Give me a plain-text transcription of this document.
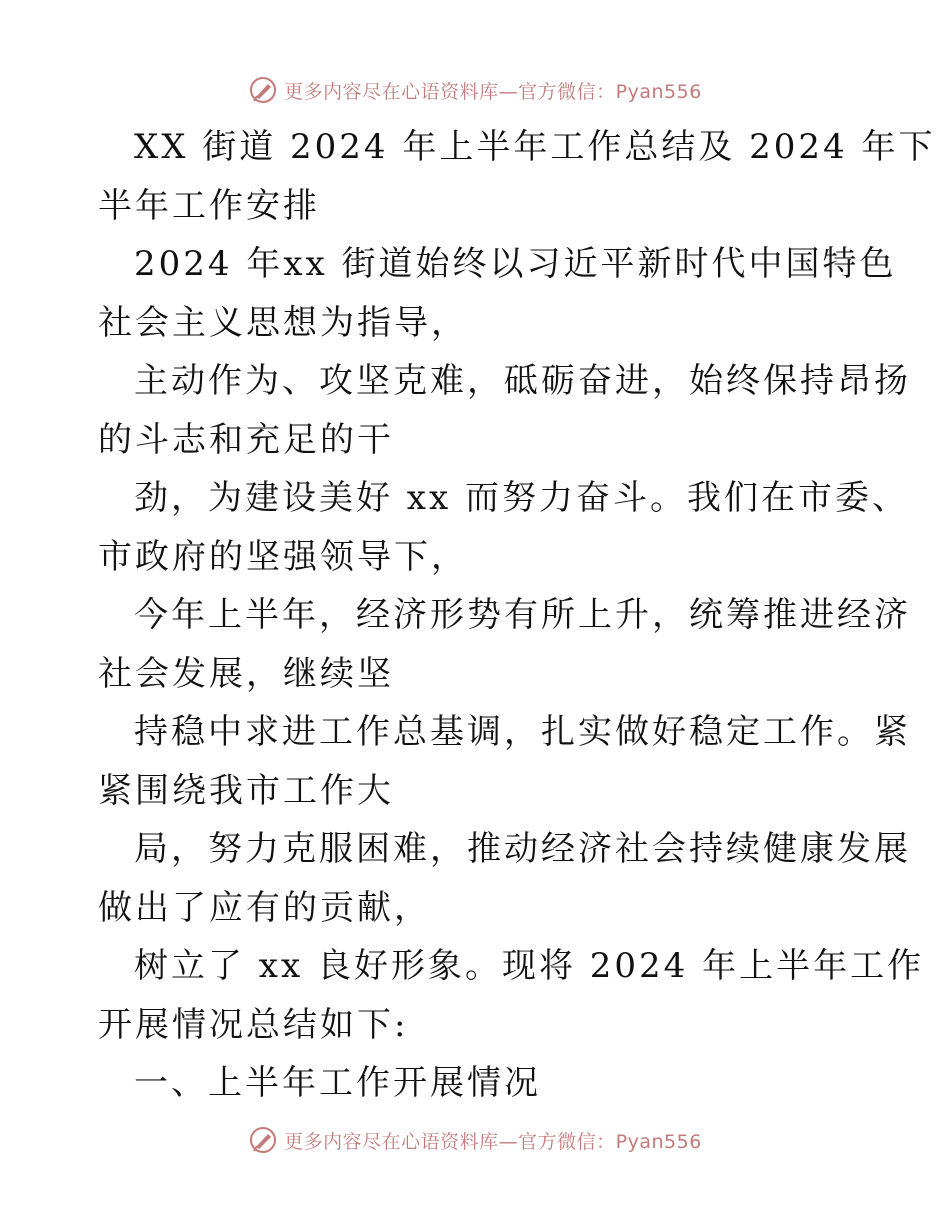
更多内容尽在心语资料库—官方微信：Pyan556
XX 街道 2024 年上半年工作总结及 2024 年下
半年工作安排
2024 年xx 街道始终以习近平新时代中国特色
社会主义思想为指导，
主动作为、攻坚克难，砥砺奋进，始终保持昂扬
的斗志和充足的干
劲，为建设美好 xx 而努力奋斗。我们在市委、
市政府的坚强领导下，
今年上半年，经济形势有所上升，统筹推进经济
社会发展，继续坚
持稳中求进工作总基调，扎实做好稳定工作。紧
紧围绕我市工作大
局，努力克服困难，推动经济社会持续健康发展
做出了应有的贡献，
树立了 xx 良好形象。现将 2024 年上半年工作
开展情况总结如下:
一、上半年工作开展情况
更多内容尽在心语资料库—官方微信：Pyan556
